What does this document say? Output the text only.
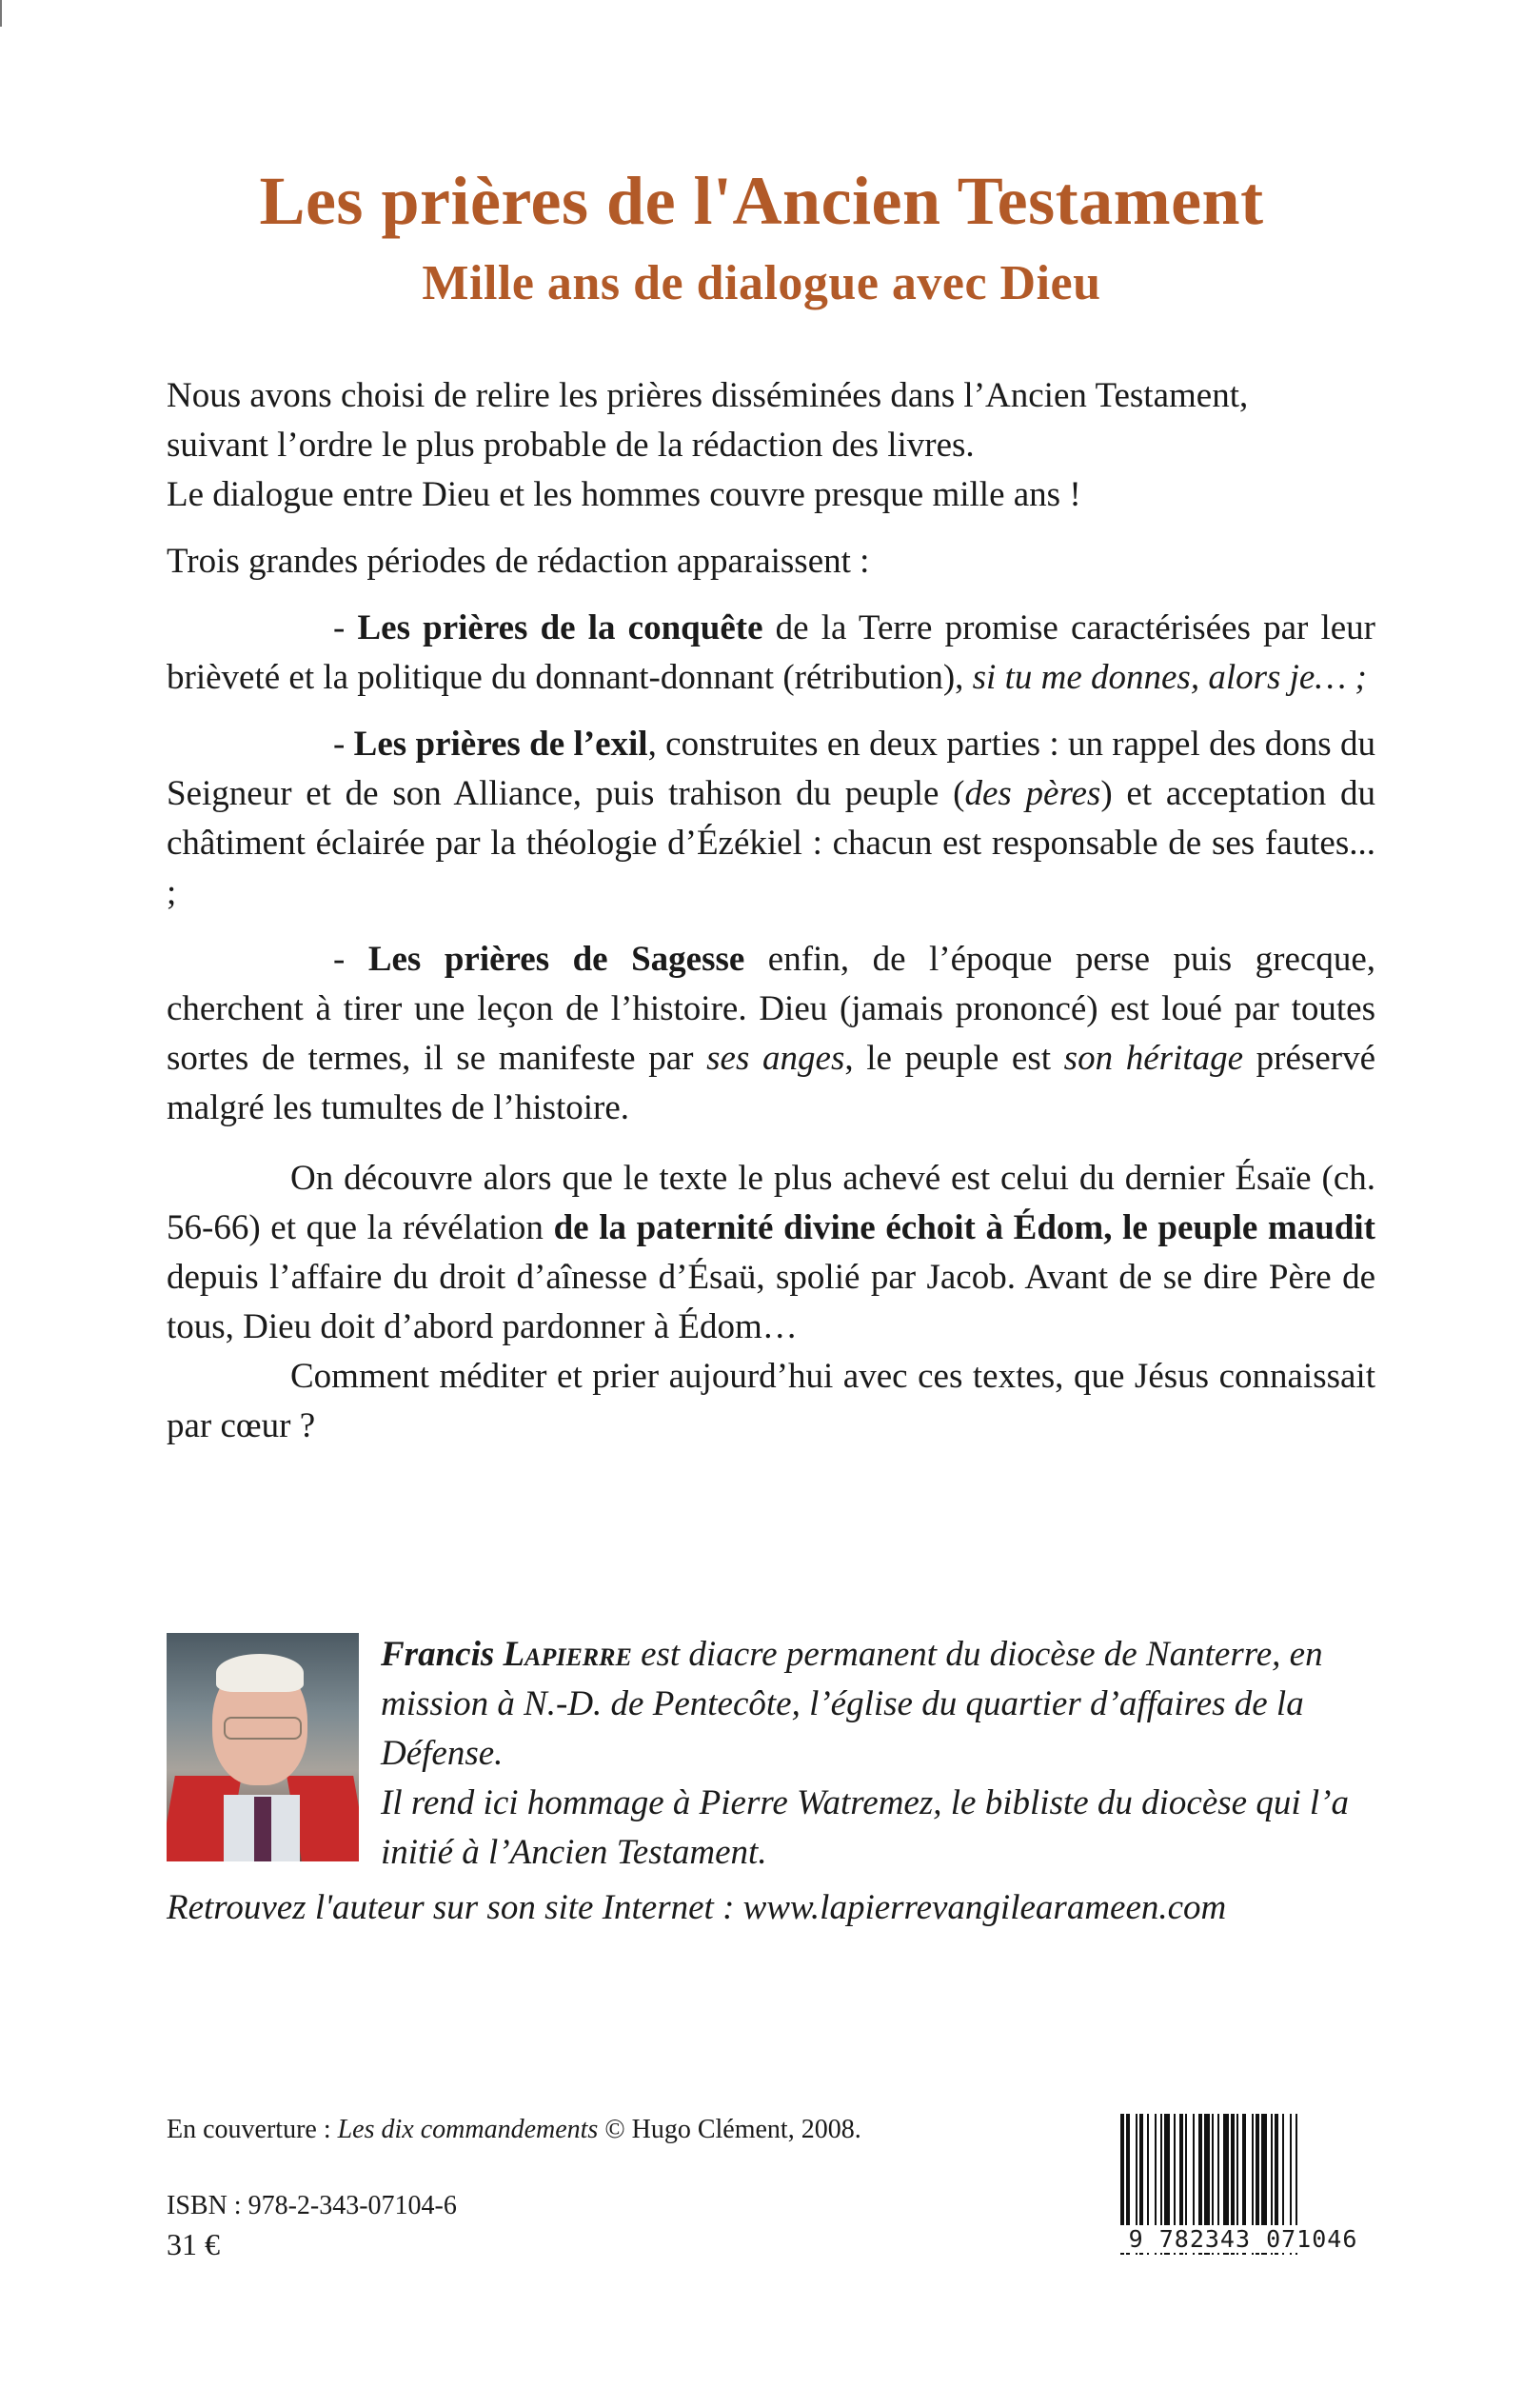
Les prières de l'Ancien Testament
Mille ans de dialogue avec Dieu

Nous avons choisi de relire les prières disséminées dans l’Ancien Testament,
suivant l’ordre le plus probable de la rédaction des livres.
Le dialogue entre Dieu et les hommes couvre presque mille ans !

Trois grandes périodes de rédaction apparaissent :

- Les prières de la conquête de la Terre promise caractérisées par leur brièveté et la politique du donnant-donnant (rétribution), si tu me donnes, alors je… ;

- Les prières de l’exil, construites en deux parties : un rappel des dons du Seigneur et de son Alliance, puis trahison du peuple (des pères) et acceptation du châtiment éclairée par la théologie d’Ézékiel : chacun est responsable de ses fautes... ;

- Les prières de Sagesse enfin, de l’époque perse puis grecque, cherchent à tirer une leçon de l’histoire. Dieu (jamais prononcé) est loué par toutes sortes de termes, il se manifeste par ses anges, le peuple est son héritage préservé malgré les tumultes de l’histoire.

On découvre alors que le texte le plus achevé est celui du dernier Ésaïe (ch. 56-66) et que la révélation de la paternité divine échoit à Édom, le peuple maudit depuis l’affaire du droit d’aînesse d’Ésaü, spolié par Jacob. Avant de se dire Père de tous, Dieu doit d’abord pardonner à Édom…

Comment méditer et prier aujourd’hui avec ces textes, que Jésus connaissait par cœur ?

Francis Lapierre est diacre permanent du diocèse de Nanterre, en mission à N.-D. de Pentecôte, l’église du quartier d’affaires de la Défense.

Il rend ici hommage à Pierre Watremez, le bibliste du diocèse qui l’a initié à l’Ancien Testament.

Retrouvez l'auteur sur son site Internet : www.lapierrevangilearameen.com

En couverture : Les dix commandements © Hugo Clément, 2008.
ISBN : 978-2-343-07104-6
31 €	9 782343 071046
